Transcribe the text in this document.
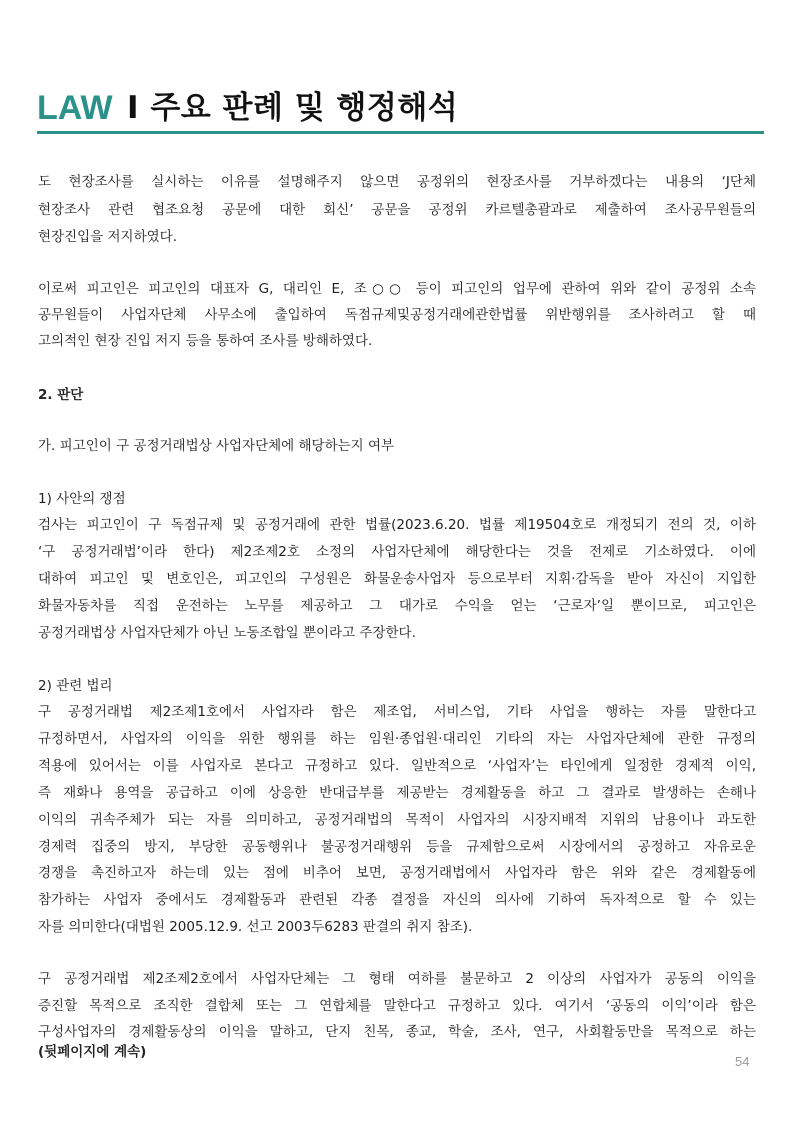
LAW I 주요 판례 및 행정해석
도 현장조사를 실시하는 이유를 설명해주지 않으면 공정위의 현장조사를 거부하겠다는 내용의 ‘J단체
현장조사 관련 협조요청 공문에 대한 회신’ 공문을 공정위 카르텔총괄과로 제출하여 조사공무원들의
현장진입을 저지하였다.
이로써 피고인은 피고인의 대표자 G, 대리인 E, 조○○ 등이 피고인의 업무에 관하여 위와 같이 공정위 소속
공무원들이 사업자단체 사무소에 출입하여 독점규제및공정거래에관한법률 위반행위를 조사하려고 할 때
고의적인 현장 진입 저지 등을 통하여 조사를 방해하였다.
2. 판단
가. 피고인이 구 공정거래법상 사업자단체에 해당하는지 여부
1) 사안의 쟁점
검사는 피고인이 구 독점규제 및 공정거래에 관한 법률(2023.6.20. 법률 제19504호로 개정되기 전의 것, 이하
‘구 공정거래법’이라 한다) 제2조제2호 소정의 사업자단체에 해당한다는 것을 전제로 기소하였다. 이에
대하여 피고인 및 변호인은, 피고인의 구성원은 화물운송사업자 등으로부터 지휘·감독을 받아 자신이 지입한
화물자동차를 직접 운전하는 노무를 제공하고 그 대가로 수익을 얻는 ‘근로자’일 뿐이므로, 피고인은
공정거래법상 사업자단체가 아닌 노동조합일 뿐이라고 주장한다.
2) 관련 법리
구 공정거래법 제2조제1호에서 사업자라 함은 제조업, 서비스업, 기타 사업을 행하는 자를 말한다고
규정하면서, 사업자의 이익을 위한 행위를 하는 임원·종업원·대리인 기타의 자는 사업자단체에 관한 규정의
적용에 있어서는 이를 사업자로 본다고 규정하고 있다. 일반적으로 ‘사업자’는 타인에게 일정한 경제적 이익,
즉 재화나 용역을 공급하고 이에 상응한 반대급부를 제공받는 경제활동을 하고 그 결과로 발생하는 손해나
이익의 귀속주체가 되는 자를 의미하고, 공정거래법의 목적이 사업자의 시장지배적 지위의 남용이나 과도한
경제력 집중의 방지, 부당한 공동행위나 불공정거래행위 등을 규제함으로써 시장에서의 공정하고 자유로운
경쟁을 촉진하고자 하는데 있는 점에 비추어 보면, 공정거래법에서 사업자라 함은 위와 같은 경제활동에
참가하는 사업자 중에서도 경제활동과 관련된 각종 결정을 자신의 의사에 기하여 독자적으로 할 수 있는
자를 의미한다(대법원 2005.12.9. 선고 2003두6283 판결의 취지 참조).
구 공정거래법 제2조제2호에서 사업자단체는 그 형태 여하를 불문하고 2 이상의 사업자가 공동의 이익을
증진할 목적으로 조직한 결합체 또는 그 연합체를 말한다고 규정하고 있다. 여기서 ‘공동의 이익’이라 함은
구성사업자의 경제활동상의 이익을 말하고, 단지 친목, 종교, 학술, 조사, 연구, 사회활동만을 목적으로 하는
(뒷페이지에 계속)
54
